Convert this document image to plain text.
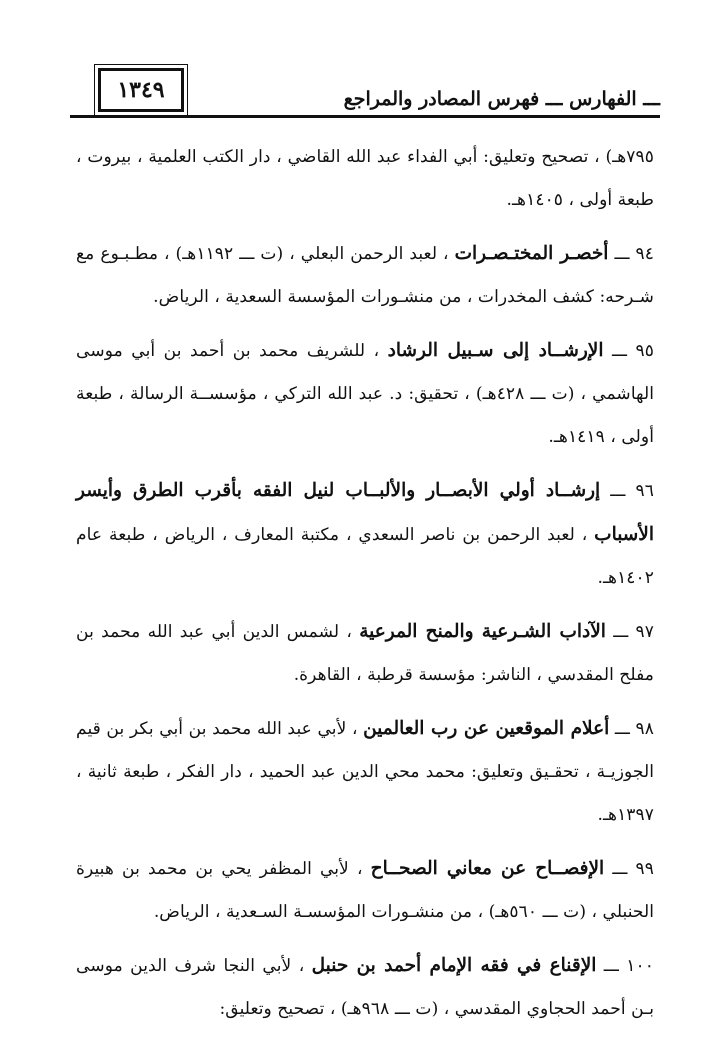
١٣٤٩	ـــ الفهارس ـــ فهرس المصادر والمراجع

٧٩٥هـ) ، تصحيح وتعليق: أبي الفداء عبد الله القاضي ، دار الكتب العلمية ، بيروت ، طبعة أولى ، ١٤٠٥هـ.

٩٤ ـــ أخصـر المختـصـرات ، لعبد الرحمن البعلي ، (ت ـــ ١١٩٢هـ) ، مطـبـوع مع شـرحه: كشف المخدرات ، من منشـورات المؤسسة السعدية ، الرياض.

٩٥ ـــ الإرشــاد إلى سـبيل الرشاد ، للشريف محمد بن أحمد بن أبي موسى الهاشمي ، (ت ـــ ٤٢٨هـ) ، تحقيق: د. عبد الله التركي ، مؤسســة الرسالة ، طبعة أولى ، ١٤١٩هـ.

٩٦ ـــ إرشــاد أولي الأبصــار والألبــاب لنيل الفقه بأقرب الطرق وأيسر الأسباب ، لعبد الرحمن بن ناصر السعدي ، مكتبة المعارف ، الرياض ، طبعة عام ١٤٠٢هـ.

٩٧ ـــ الآداب الشـرعية والمنح المرعية ، لشمس الدين أبي عبد الله محمد بن مفلح المقدسي ، الناشر: مؤسسة قرطبة ، القاهرة.

٩٨ ـــ أعلام الموقعين عن رب العالمين ، لأبي عبد الله محمد بن أبي بكر بن قيم الجوزيـة ، تحقـيق وتعليق: محمد محي الدين عبد الحميد ، دار الفكر ، طبعة ثانية ، ١٣٩٧هـ.

٩٩ ـــ الإفصــاح عن معاني الصحــاح ، لأبي المظفر يحي بن محمد بن هبيرة الحنبلي ، (ت ـــ ٥٦٠هـ) ، من منشـورات المؤسسـة السـعدية ، الرياض.

١٠٠ ـــ الإقناع في فقه الإمام أحمد بن حنبل ، لأبي النجا شرف الدين موسى بـن أحمد الحجاوي المقدسي ، (ت ـــ ٩٦٨هـ) ، تصحيح وتعليق:
